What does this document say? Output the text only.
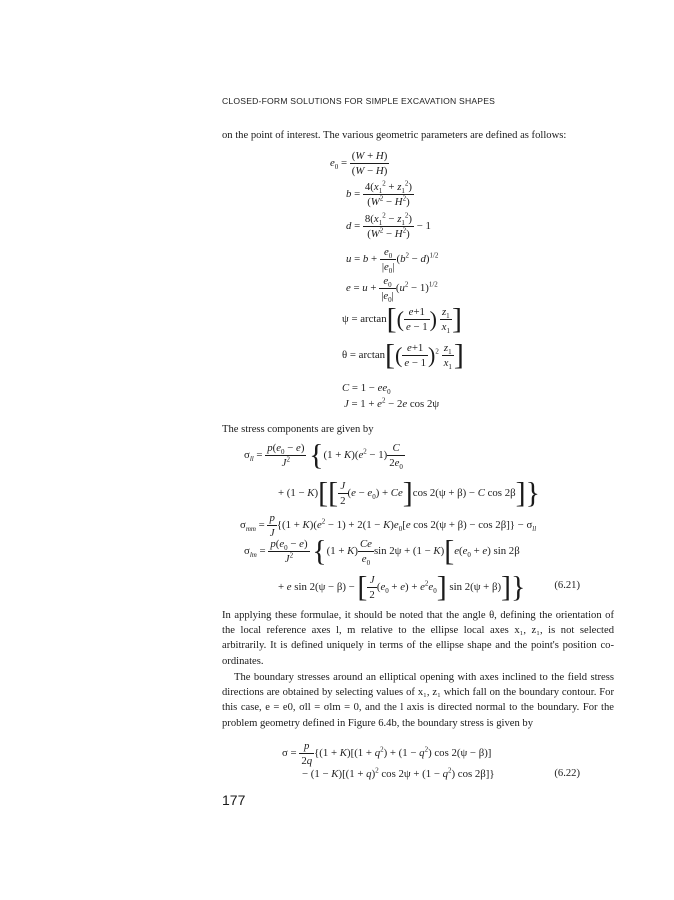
CLOSED-FORM SOLUTIONS FOR SIMPLE EXCAVATION SHAPES
on the point of interest. The various geometric parameters are defined as follows:
$e_0 = \frac{(W + H)}{(W - H)}$
$b = \frac{4(x_1^2 + z_1^2)}{(W^2 - H^2)}$
$d = \frac{8(x_1^2 - z_1^2)}{(W^2 - H^2)} - 1$
$u = b + \frac{e_0}{|e_0|} (b^2 - d)^{1/2}$
$e = u + \frac{e_0}{|e_0|} (u^2 - 1)^{1/2}$
$\psi = \arctan[( \frac{e+1}{e - 1}$ ) $\frac{z_1}{x_1}$ ]
$\theta = \arctan[( \frac{e+1}{e - 1} )^2 \frac{z_1}{x_1}$ ]
$C = 1 - ee_0$
$J = 1 + e^2 - 2e$ cos 2ψ
The stress components are given by
$\sigma_{ll} = \frac{p(e_0 - e)}{J^2} \{(1 + K)(e^2 - 1) \frac{C}{2e_0}$
+ $(1 - K)[[ \frac{J}{2} (e - e_0) + Ce]\cos$ 2(ψ + β) − C cos 2β]}
$\sigma_{mm} = \frac{p}{J} \{(1 + K)(e^2 - 1) + 2(1 - K)e_0[e$ $\cos 2(\psi + \beta) - \cos 2\beta]\} - \sigma_{ll}$
$\sigma_{lm} = \frac{p(e_0 - e)}{J^2} \{(1 + K) \frac{Ce}{e_0}$ $\sin 2\psi + (1 - K)[e(e_0 + e)$ sin 2β
+ e sin 2(ψ − β) − [ $\frac{J}{2} (e_0 + e) + e^2e_0$] sin 2(ψ + β)]}	(6.21)
In applying these formulae, it should be noted that the angle θ, defining the orientation of the local reference axes l, m relative to the ellipse local axes x₁, z₁, is not selected arbitrarily. It is defined uniquely in terms of the ellipse shape and the point's position co-ordinates.
The boundary stresses around an elliptical opening with axes inclined to the field stress directions are obtained by selecting values of x₁, z₁ which fall on the boundary contour. For this case, e = e0, σll = σlm = 0, and the l axis is directed normal to the boundary. For the problem geometry defined in Figure 6.4b, the boundary stress is given by
$\sigma = \frac{p}{2q} \{(1 + K)[(1 + q^2) + (1 - q^2)$ cos 2(ψ − β)]
− $(1 - K)[(1 + q)^2$ $\cos 2\psi + (1 - q^2)$ cos 2β]}	(6.22)
177
